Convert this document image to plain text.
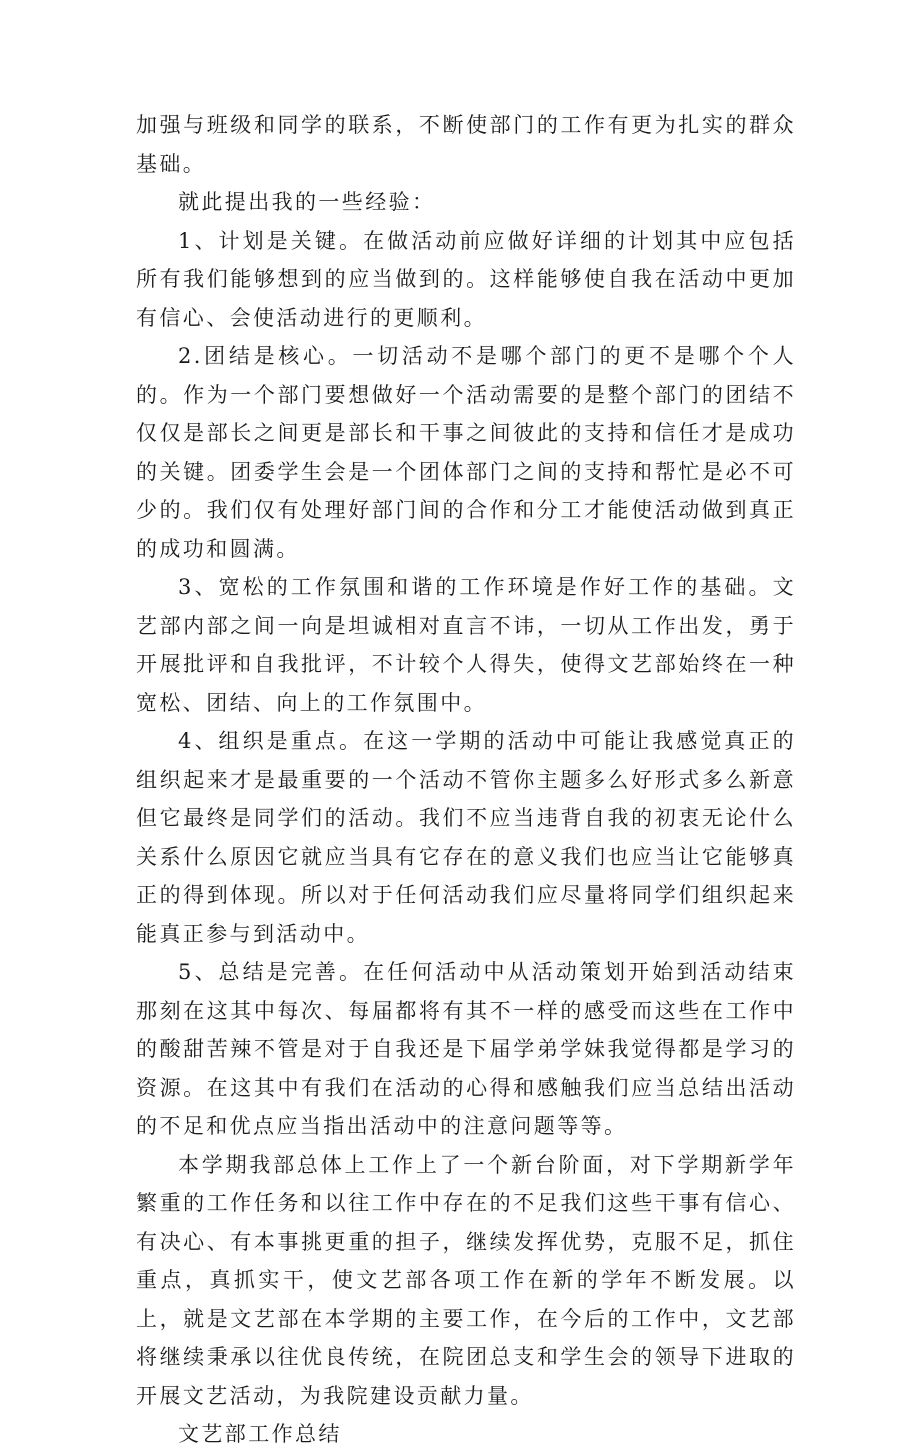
加强与班级和同学的联系，不断使部门的工作有更为扎实的群众基础。

就此提出我的一些经验：

1、计划是关键。在做活动前应做好详细的计划其中应包括所有我们能够想到的应当做到的。这样能够使自我在活动中更加有信心、会使活动进行的更顺利。

2.团结是核心。一切活动不是哪个部门的更不是哪个个人的。作为一个部门要想做好一个活动需要的是整个部门的团结不仅仅是部长之间更是部长和干事之间彼此的支持和信任才是成功的关键。团委学生会是一个团体部门之间的支持和帮忙是必不可少的。我们仅有处理好部门间的合作和分工才能使活动做到真正的成功和圆满。

3、宽松的工作氛围和谐的工作环境是作好工作的基础。文艺部内部之间一向是坦诚相对直言不讳，一切从工作出发，勇于开展批评和自我批评，不计较个人得失，使得文艺部始终在一种宽松、团结、向上的工作氛围中。

4、组织是重点。在这一学期的活动中可能让我感觉真正的组织起来才是最重要的一个活动不管你主题多么好形式多么新意但它最终是同学们的活动。我们不应当违背自我的初衷无论什么关系什么原因它就应当具有它存在的意义我们也应当让它能够真正的得到体现。所以对于任何活动我们应尽量将同学们组织起来能真正参与到活动中。

5、总结是完善。在任何活动中从活动策划开始到活动结束那刻在这其中每次、每届都将有其不一样的感受而这些在工作中的酸甜苦辣不管是对于自我还是下届学弟学妹我觉得都是学习的资源。在这其中有我们在活动的心得和感触我们应当总结出活动的不足和优点应当指出活动中的注意问题等等。

本学期我部总体上工作上了一个新台阶面，对下学期新学年繁重的工作任务和以往工作中存在的不足我们这些干事有信心、有决心、有本事挑更重的担子，继续发挥优势，克服不足，抓住重点，真抓实干，使文艺部各项工作在新的学年不断发展。以上，就是文艺部在本学期的主要工作，在今后的工作中，文艺部将继续秉承以往优良传统，在院团总支和学生会的领导下进取的开展文艺活动，为我院建设贡献力量。

文艺部工作总结
